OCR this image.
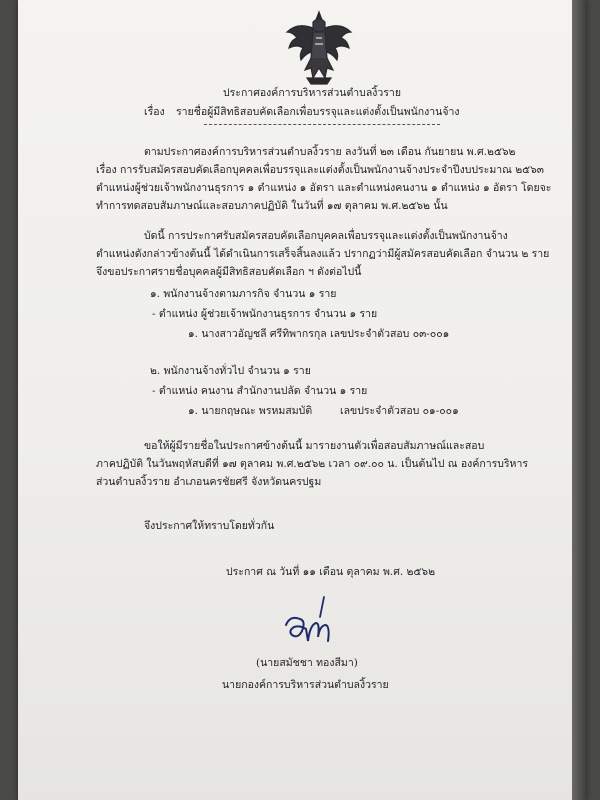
ประกาศองค์การบริหารส่วนตำบลงิ้วราย
เรื่อง รายชื่อผู้มีสิทธิสอบคัดเลือกเพื่อบรรจุและแต่งตั้งเป็นพนักงานจ้าง
ตามประกาศองค์การบริหารส่วนตำบลงิ้วราย ลงวันที่ ๒๓ เดือน กันยายน พ.ศ.๒๕๖๒
เรื่อง การรับสมัครสอบคัดเลือกบุคคลเพื่อบรรจุและแต่งตั้งเป็นพนักงานจ้างประจำปีงบประมาณ ๒๕๖๓
ตำแหน่งผู้ช่วยเจ้าพนักงานธุรการ ๑ ตำแหน่ง ๑ อัตรา และตำแหน่งคนงาน ๑ ตำแหน่ง ๑ อัตรา โดยจะ
ทำการทดสอบสัมภาษณ์และสอบภาคปฏิบัติ ในวันที่ ๑๗ ตุลาคม พ.ศ.๒๕๖๒ นั้น
บัดนี้ การประกาศรับสมัครสอบคัดเลือกบุคคลเพื่อบรรจุและแต่งตั้งเป็นพนักงานจ้าง
ตำแหน่งดังกล่าวข้างต้นนี้ ได้ดำเนินการเสร็จสิ้นลงแล้ว ปรากฏว่ามีผู้สมัครสอบคัดเลือก จำนวน ๒ ราย
จึงขอประกาศรายชื่อบุคคลผู้มีสิทธิสอบคัดเลือก ฯ ดังต่อไปนี้
๑. พนักงานจ้างตามภารกิจ จำนวน ๑ ราย
- ตำแหน่ง ผู้ช่วยเจ้าพนักงานธุรการ จำนวน ๑ ราย
๑. นางสาวอัญชลี ศรีทิพากรกุล เลขประจำตัวสอบ ๐๓-๐๐๑
๒. พนักงานจ้างทั่วไป จำนวน ๑ ราย
- ตำแหน่ง คนงาน สำนักงานปลัด จำนวน ๑ ราย
๑. นายกฤษณะ พรหมสมบัติ	เลขประจำตัวสอบ ๐๑-๐๐๑
ขอให้ผู้มีรายชื่อในประกาศข้างต้นนี้ มารายงานตัวเพื่อสอบสัมภาษณ์และสอบ
ภาคปฏิบัติ ในวันพฤหัสบดีที่ ๑๗ ตุลาคม พ.ศ.๒๕๖๒ เวลา ๐๙.๐๐ น. เป็นต้นไป ณ องค์การบริหาร
ส่วนตำบลงิ้วราย อำเภอนครชัยศรี จังหวัดนครปฐม
จึงประกาศให้ทราบโดยทั่วกัน
ประกาศ ณ วันที่ ๑๑ เดือน ตุลาคม พ.ศ. ๒๕๖๒
(นายสมัชชา ทองสีมา)
นายกองค์การบริหารส่วนตำบลงิ้วราย
